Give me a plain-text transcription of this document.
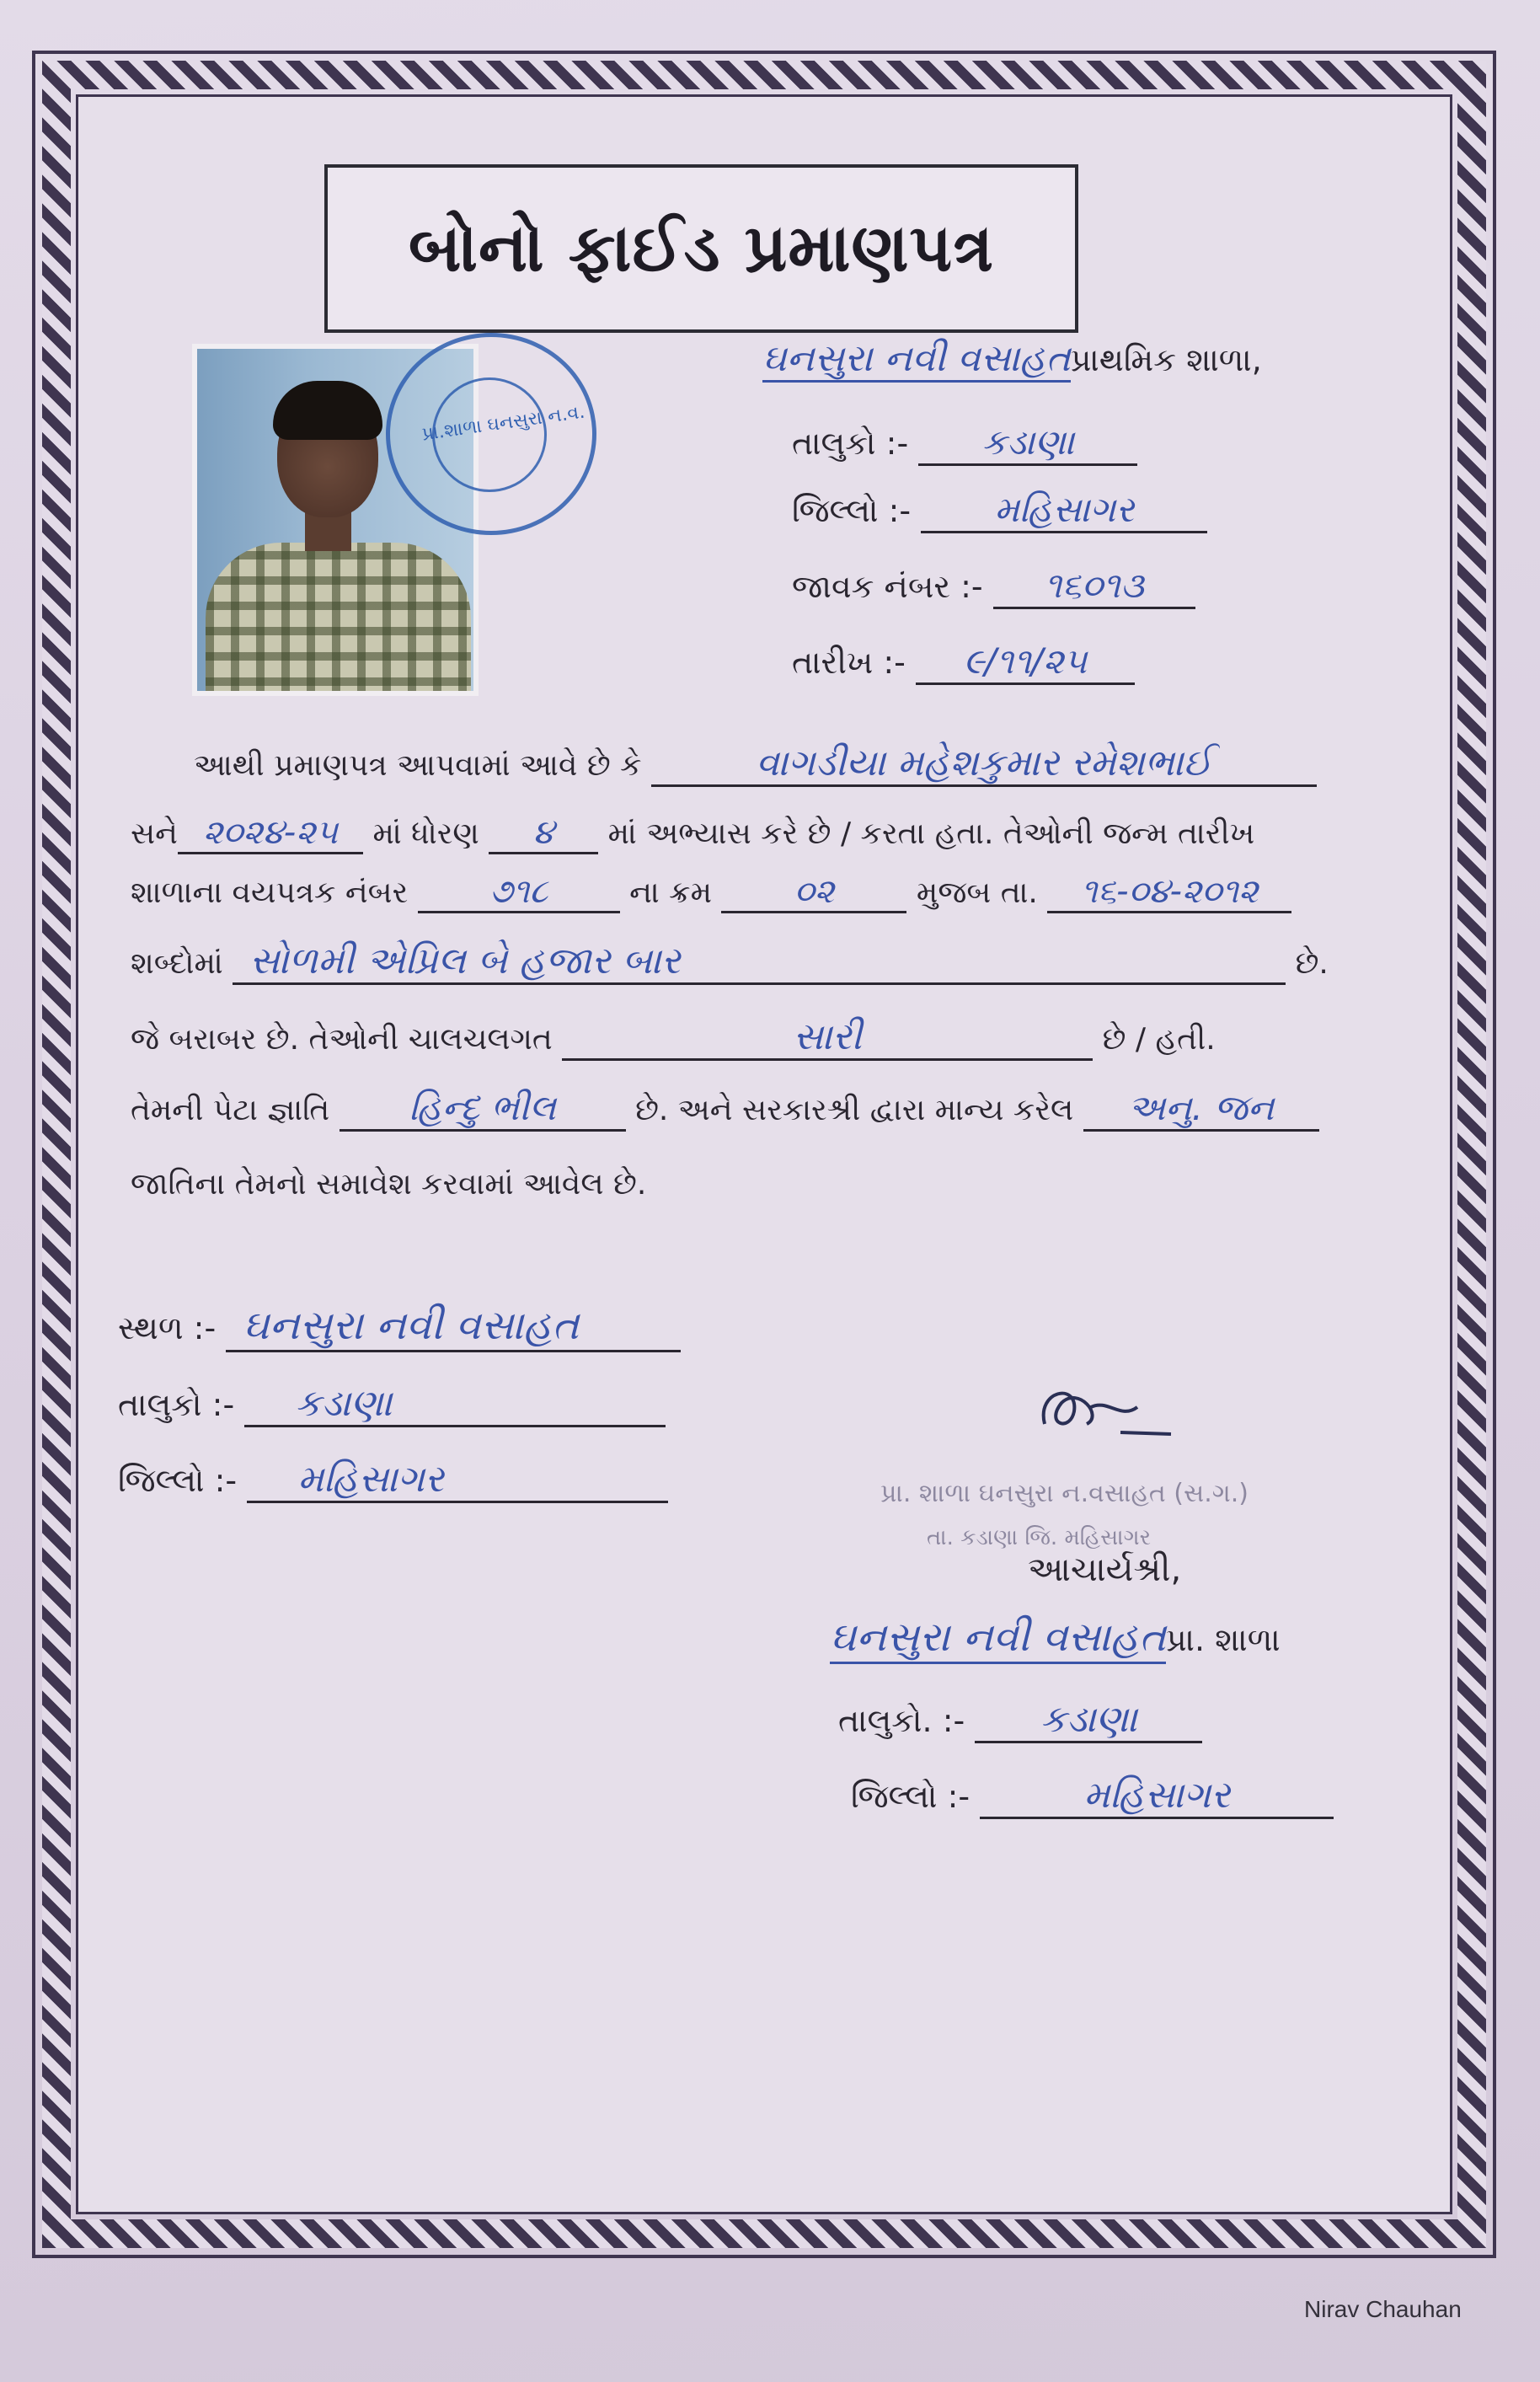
બોનો ફાઈડ પ્રમાણપત્ર
પ્રા.શાળા ઘનસુરા ન.વ.
ઘનસુરા નવી વસાહતપ્રાથમિક શાળા,
તાલુકો :- કડાણા
જિલ્લો :- મહિસાગર
જાવક નંબર :- ૧૬૦૧૩
તારીખ :- ૯/૧૧/૨૫
આથી પ્રમાણપત્ર આપવામાં આવે છે કે	વાગડીયા મહેશકુમાર રમેશભાઈ
સને ૨૦૨૪-૨૫ માં ધોરણ ૪ માં અભ્યાસ કરે છે / કરતા હતા. તેઓની જન્મ તારીખ
શાળાના વયપત્રક નંબર ૭૧૮	ના ક્રમ ૦૨	મુજબ તા. ૧૬-૦૪-૨૦૧૨
શબ્દોમાં સોળમી એપ્રિલ બે હજાર બાર	છે.
જે બરાબર છે. તેઓની ચાલચલગત	સારી	છે / હતી.
તેમની પેટા જ્ઞાતિ હિન્દુ ભીલ	છે. અને સરકારશ્રી દ્વારા માન્ય કરેલ અનુ. જન
જાતિના તેમનો સમાવેશ કરવામાં આવેલ છે.
સ્થળ :- ઘનસુરા નવી વસાહત
તાલુકો :- કડાણા
જિલ્લો :- મહિસાગર	પ્રા. શાળા ઘનસુરા ન.વસાહત (સ.ગ.)
તા. કડાણા જિ. મહિસાગર
આચાર્યશ્રી,
ઘનસુરા નવી વસાહતપ્રા. શાળા
તાલુકો. :- કડાણા
જિલ્લો :-	મહિસાગર
Nirav Chauhan
